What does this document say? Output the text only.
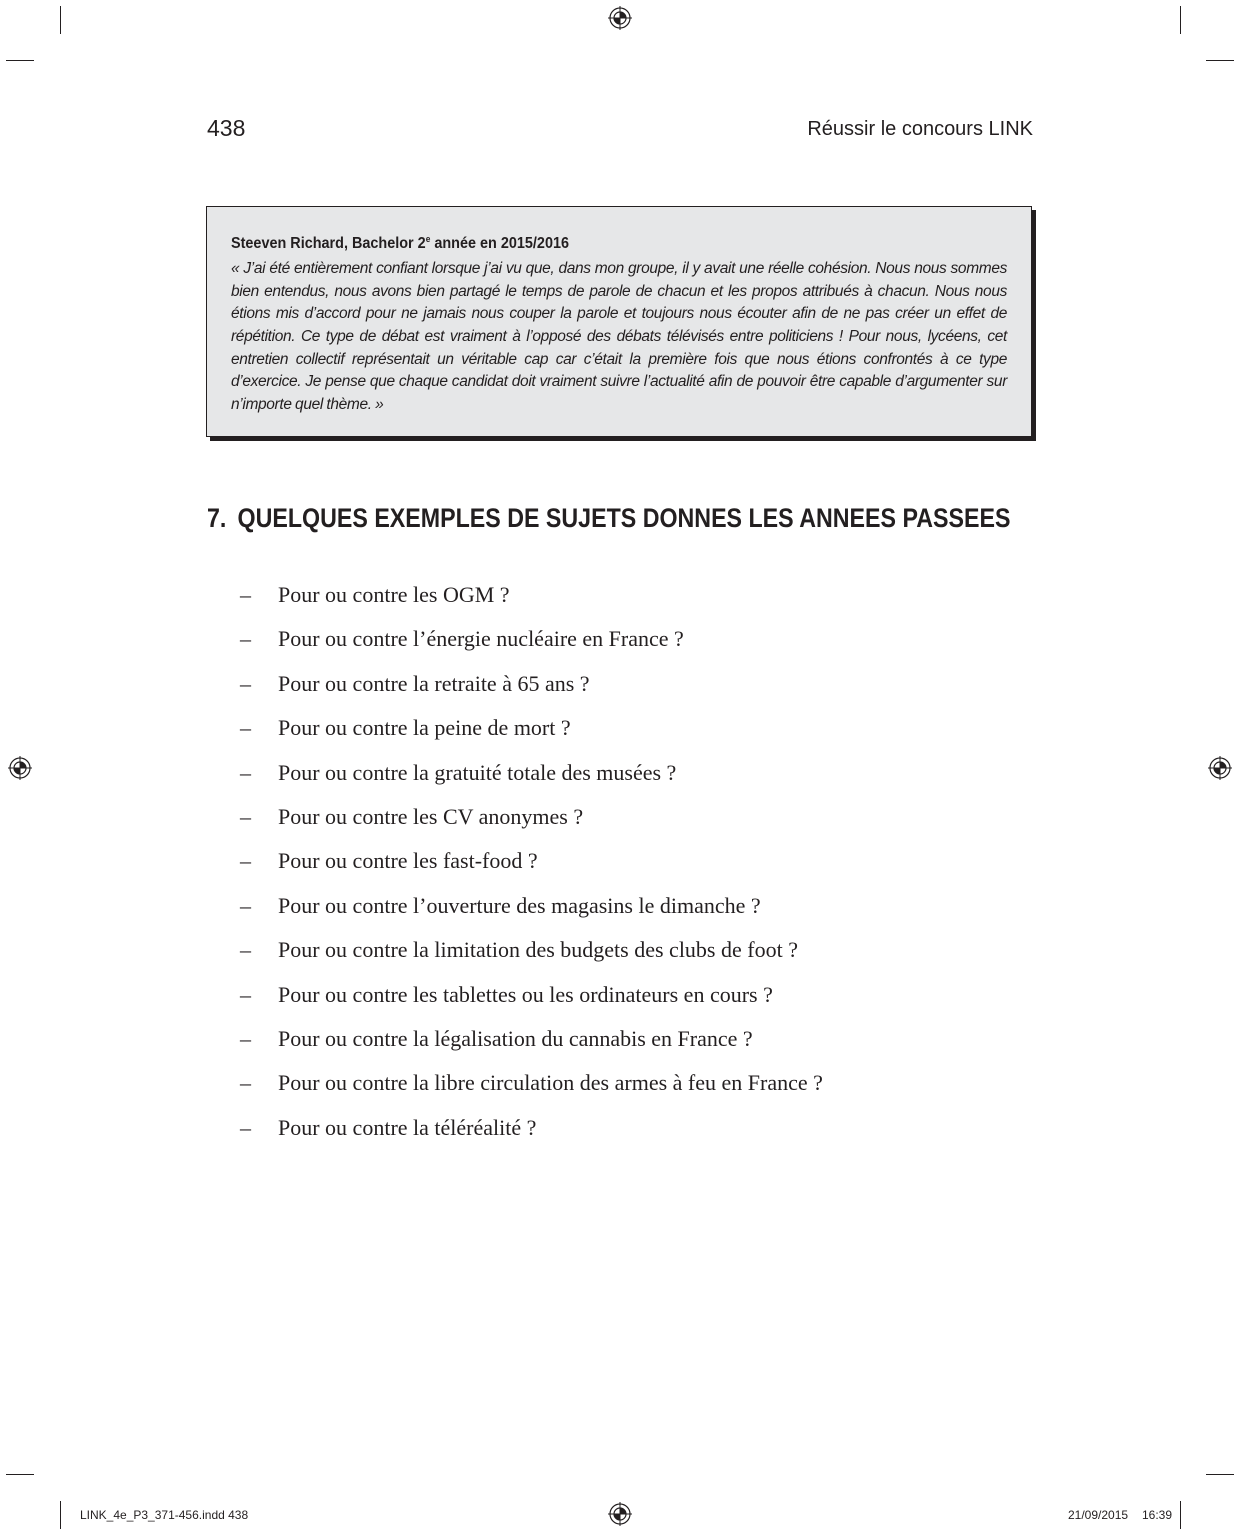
438	Réussir le concours LINK
Steeven Richard, Bachelor 2e année en 2015/2016
« J’ai été entièrement confiant lorsque j’ai vu que, dans mon groupe, il y avait une réelle cohésion. Nous nous sommes bien entendus, nous avons bien partagé le temps de parole de chacun et les propos attribués à chacun. Nous nous étions mis d’accord pour ne jamais nous couper la parole et toujours nous écouter afin de ne pas créer un effet de répétition. Ce type de débat est vraiment à l’opposé des débats télévisés entre politiciens ! Pour nous, lycéens, cet entretien collectif représentait un véritable cap car c’était la première fois que nous étions confrontés à ce type d’exercice. Je pense que chaque candidat doit vraiment suivre l’actualité afin de pouvoir être capable d’argumenter sur n’importe quel thème. »
7. QUELQUES EXEMPLES DE SUJETS DONNES LES ANNEES PASSEES
– Pour ou contre les OGM ?
– Pour ou contre l’énergie nucléaire en France ?
– Pour ou contre la retraite à 65 ans ?
– Pour ou contre la peine de mort ?
– Pour ou contre la gratuité totale des musées ?
– Pour ou contre les CV anonymes ?
– Pour ou contre les fast-food ?
– Pour ou contre l’ouverture des magasins le dimanche ?
– Pour ou contre la limitation des budgets des clubs de foot ?
– Pour ou contre les tablettes ou les ordinateurs en cours ?
– Pour ou contre la légalisation du cannabis en France ?
– Pour ou contre la libre circulation des armes à feu en France ?
– Pour ou contre la téléréalité ?
LINK_4e_P3_371-456.indd 438	21/09/2015 16:39
